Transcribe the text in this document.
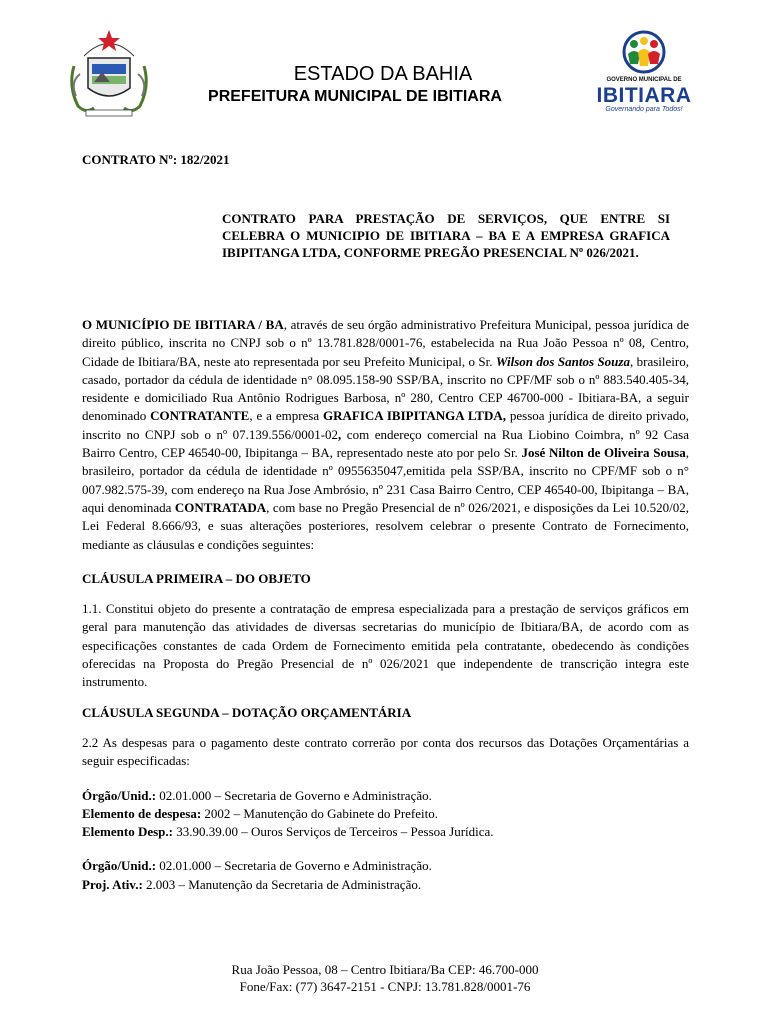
ESTADO DA BAHIA
PREFEITURA MUNICIPAL DE IBITIARA
GOVERNO MUNICIPAL DE
IBITIARA
Governando para Todos!
CONTRATO Nº: 182/2021
CONTRATO PARA PRESTAÇÃO DE SERVIÇOS, QUE ENTRE SI CELEBRA O MUNICIPIO DE IBITIARA – BA E A EMPRESA GRAFICA IBIPITANGA LTDA, CONFORME PREGÃO PRESENCIAL Nº 026/2021.

O MUNICÍPIO DE IBITIARA / BA, através de seu órgão administrativo Prefeitura Municipal, pessoa jurídica de direito público, inscrita no CNPJ sob o nº 13.781.828/0001-76, estabelecida na Rua João Pessoa nº 08, Centro, Cidade de Ibitiara/BA, neste ato representada por seu Prefeito Municipal, o Sr. Wilson dos Santos Souza, brasileiro, casado, portador da cédula de identidade n° 08.095.158-90 SSP/BA, inscrito no CPF/MF sob o nº 883.540.405-34, residente e domiciliado Rua Antônio Rodrigues Barbosa, nº 280, Centro CEP 46700-000 - Ibitiara-BA, a seguir denominado CONTRATANTE, e a empresa GRAFICA IBIPITANGA LTDA, pessoa jurídica de direito privado, inscrito no CNPJ sob o nº 07.139.556/0001-02, com endereço comercial na Rua Liobino Coimbra, nº 92 Casa Bairro Centro, CEP 46540-00, Ibipitanga – BA, representado neste ato por pelo Sr. José Nilton de Oliveira Sousa, brasileiro, portador da cédula de identidade nº 0955635047,emitida pela SSP/BA, inscrito no CPF/MF sob o n° 007.982.575-39, com endereço na Rua Jose Ambrósio, nº 231 Casa Bairro Centro, CEP 46540-00, Ibipitanga – BA, aqui denominada CONTRATADA, com base no Pregão Presencial de nº 026/2021, e disposições da Lei 10.520/02, Lei Federal 8.666/93, e suas alterações posteriores, resolvem celebrar o presente Contrato de Fornecimento, mediante as cláusulas e condições seguintes:

CLÁUSULA PRIMEIRA – DO OBJETO

1.1. Constitui objeto do presente a contratação de empresa especializada para a prestação de serviços gráficos em geral para manutenção das atividades de diversas secretarias do município de Ibitiara/BA, de acordo com as especificações constantes de cada Ordem de Fornecimento emitida pela contratante, obedecendo às condições oferecidas na Proposta do Pregão Presencial de nº 026/2021 que independente de transcrição integra este instrumento.

CLÁUSULA SEGUNDA – DOTAÇÃO ORÇAMENTÁRIA

2.2 As despesas para o pagamento deste contrato correrão por conta dos recursos das Dotações Orçamentárias a seguir especificadas:

Órgão/Unid.: 02.01.000 – Secretaria de Governo e Administração.

Elemento de despesa: 2002 – Manutenção do Gabinete do Prefeito.

Elemento Desp.: 33.90.39.00 – Ouros Serviços de Terceiros – Pessoa Jurídica.

Órgão/Unid.: 02.01.000 – Secretaria de Governo e Administração.

Proj. Ativ.: 2.003 – Manutenção da Secretaria de Administração.

Rua João Pessoa, 08 – Centro Ibitiara/Ba CEP: 46.700-000
Fone/Fax: (77) 3647-2151 - CNPJ: 13.781.828/0001-76
